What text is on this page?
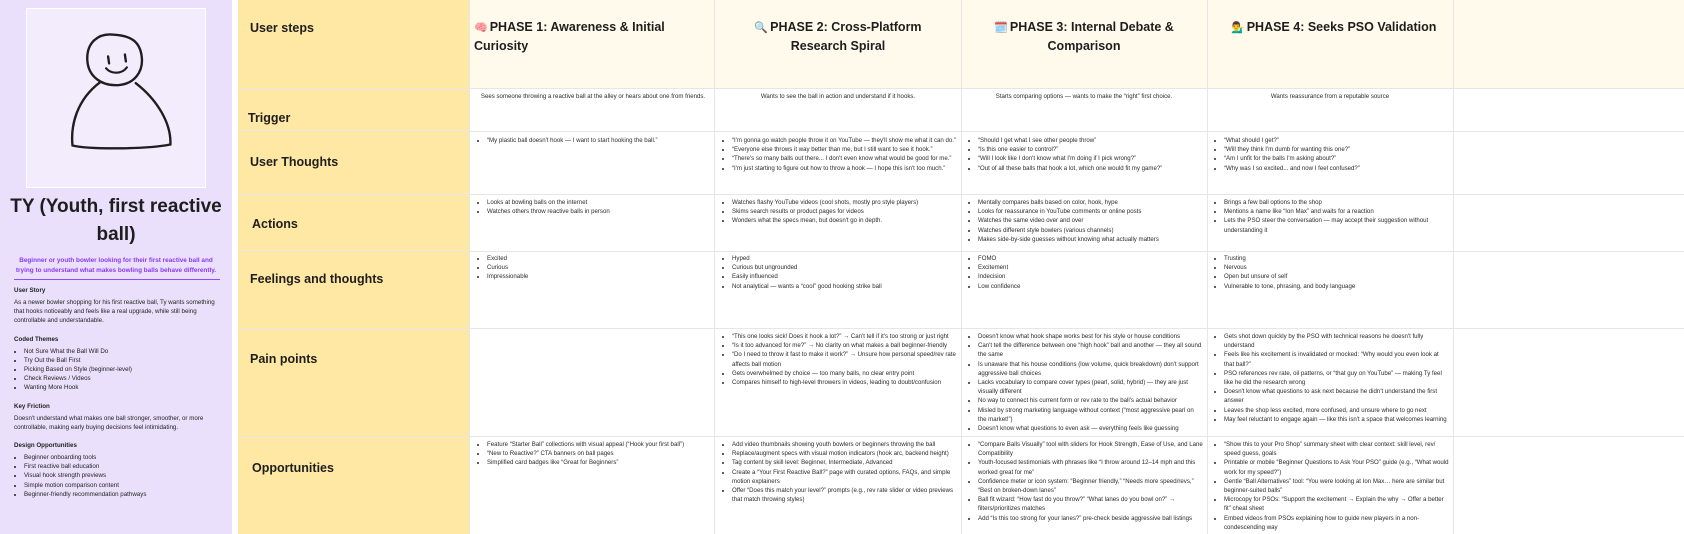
TY (Youth, first reactive ball)
Beginner or youth bowler looking for their first reactive ball and trying to understand what makes bowling balls behave differently.
User Story
As a newer bowler shopping for his first reactive ball, Ty wants something that hooks noticeably and feels like a real upgrade, while still being controllable and understandable.
Coded Themes
• Not Sure What the Ball Will Do
• Try Out the Ball First
• Picking Based on Style (beginner-level)
• Check Reviews / Videos
• Wanting More Hook
Key Friction
Doesn't understand what makes one ball stronger, smoother, or more controllable, making early buying decisions feel intimidating.
Design Opportunities
• Beginner onboarding tools
• First reactive ball education
• Visual hook strength previews
• Simple motion comparison content
• Beginner-friendly recommendation pathways
User steps
Trigger
User Thoughts
Actions
Feelings and thoughts
Pain points
Opportunities
🧠 PHASE 1: Awareness & Initial Curiosity
🔍 PHASE 2: Cross-Platform Research Spiral
🗓️ PHASE 3: Internal Debate & Comparison
💁‍♂️ PHASE 4: Seeks PSO Validation
Sees someone throwing a reactive ball at the alley or hears about one from friends.	Wants to see the ball in action and understand if it hooks.	Starts comparing options — wants to make the “right” first choice.	Wants reassurance from a reputable source
• “My plastic ball doesn't hook — I want to start hooking the ball.”
•	“I'm gonna go watch people throw it on YouTube — they'll show me what it can do.”
• “Everyone else throws it way better than me, but I still want to see it hook.”
• “There's so many balls out there... I don't even know what would be good for me.”
• “I'm just starting to figure out how to throw a hook — I hope this isn't too much.”
• “Should I get what I see other people throw”
• “Is this one easier to control?”
• “Will I look like I don't know what I'm doing if I pick wrong?”
• “Out of all these balls that hook a lot, which one would fit my game?”
• “What should I get?”
• “Will they think I'm dumb for wanting this one?”
• “Am I unfit for the balls I'm asking about?”
• “Why was I so excited... and now I feel confused?”
• Looks at bowling balls on the internet
• Watches others throw reactive balls in person
• Watches flashy YouTube videos (cool shots, mostly pro style players)
• Skims search results or product pages for videos
• Wonders what the specs mean, but doesn't go in depth.
• Mentally compares balls based on color, hook, hype
• Looks for reassurance in YouTube comments or online posts
• Watches the same video over and over
• Watches different style bowlers (various channels)
• Makes side-by-side guesses without knowing what actually matters
• Brings a few ball options to the shop
• Mentions a name like “Ion Max” and waits for a reaction
• Lets the PSO steer the conversation — may accept their suggestion without understanding it
• Excited
• Curious
• Impressionable
• Hyped
• Curious but ungrounded
• Easily influenced
• Not analytical — wants a “cool” good hooking strike ball
• FOMO
• Excitement
• Indecision
• Low confidence
• Trusting
• Nervous
• Open but unsure of self
• Vulnerable to tone, phrasing, and body language
• “This one looks sick! Does it hook a lot?” → Can't tell if it's too strong or just right
• “Is it too advanced for me?” → No clarity on what makes a ball beginner-friendly
• “Do I need to throw it fast to make it work?” → Unsure how personal speed/rev rate affects ball motion
• Gets overwhelmed by choice — too many balls, no clear entry point
• Compares himself to high-level throwers in videos, leading to doubt/confusion
• Doesn't know what hook shape works best for his style or house conditions
• Can't tell the difference between one “high hook” ball and another — they all sound the same
• Is unaware that his house conditions (low volume, quick breakdown) don't support aggressive ball choices
• Lacks vocabulary to compare cover types (pearl, solid, hybrid) — they are just visually different
• No way to connect his current form or rev rate to the ball's actual behavior
• Misled by strong marketing language without context (“most aggressive pearl on the market!”)
• Doesn't know what questions to even ask — everything feels like guessing
• Gets shot down quickly by the PSO with technical reasons he doesn't fully understand
• Feels like his excitement is invalidated or mocked: “Why would you even look at that ball?”
• PSO references rev rate, oil patterns, or “that guy on YouTube” — making Ty feel like he did the research wrong
• Doesn't know what questions to ask next because he didn't understand the first answer
• Leaves the shop less excited, more confused, and unsure where to go next
• May feel reluctant to engage again — like this isn't a space that welcomes learning
• Feature “Starter Ball” collections with visual appeal (“Hook your first ball”)
• “New to Reactive?” CTA banners on ball pages
• Simplified card badges like “Great for Beginners”
• Add video thumbnails showing youth bowlers or beginners throwing the ball
• Replace/augment specs with visual motion indicators (hook arc, backend height)
• Tag content by skill level: Beginner, Intermediate, Advanced
• Create a “Your First Reactive Ball?” page with curated options, FAQs, and simple motion explainers
• Offer “Does this match your level?” prompts (e.g., rev rate slider or video previews that match throwing styles)
• “Compare Balls Visually” tool with sliders for Hook Strength, Ease of Use, and Lane Compatibility
• Youth-focused testimonials with phrases like “I throw around 12–14 mph and this worked great for me”
• Confidence meter or icon system: “Beginner friendly,” “Needs more speed/revs,” “Best on broken-down lanes”
• Ball fit wizard: “How fast do you throw?” “What lanes do you bowl on?” → filters/prioritizes matches
• Add “Is this too strong for your lanes?” pre-check beside aggressive ball listings
• “Show this to your Pro Shop” summary sheet with clear context: skill level, rev/ speed guess, goals
• Printable or mobile “Beginner Questions to Ask Your PSO” guide (e.g., “What would work for my speed?”)
• Gentle “Ball Alternatives” tool: “You were looking at Ion Max… here are similar but beginner-suited balls”
• Microcopy for PSOs: “Support the excitement → Explain the why → Offer a better fit” cheat sheet
• Embed videos from PSOs explaining how to guide new players in a non-condescending way
